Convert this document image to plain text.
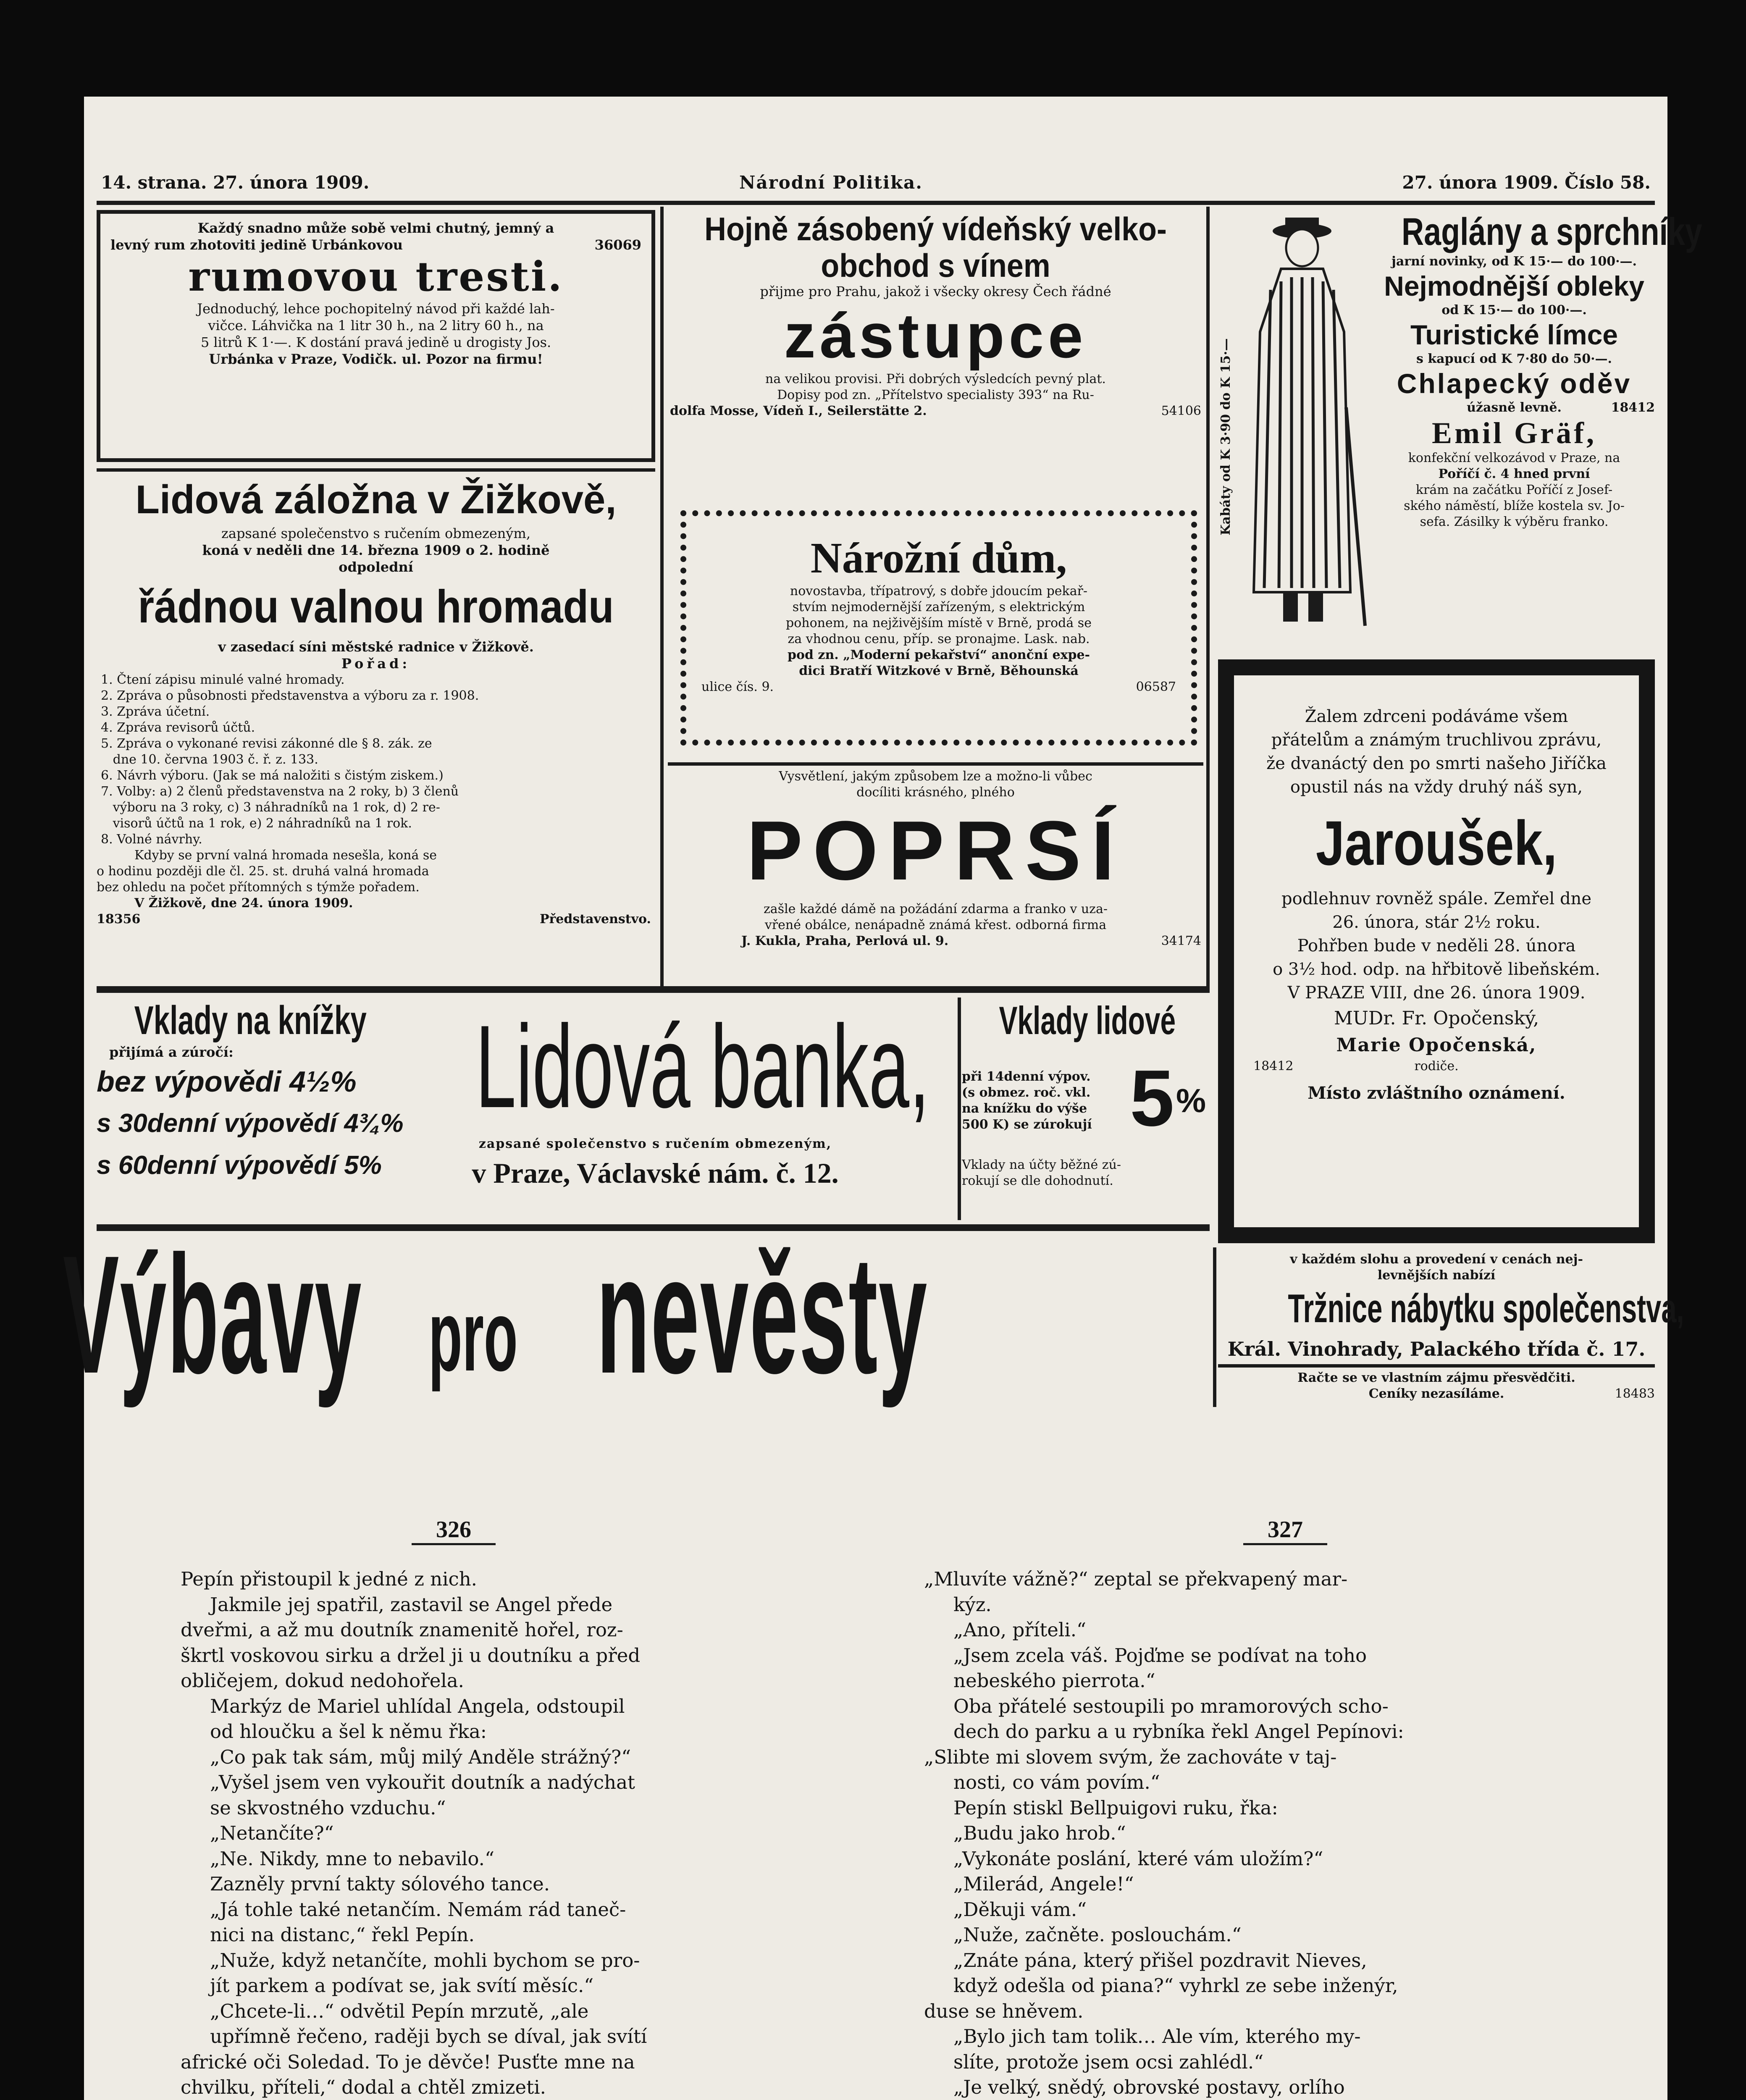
14. strana. 27. února 1909.	Národní Politika.	27. února 1909. Číslo 58.
Každý snadno může sobě velmi chutný, jemný a
levný rum zhotoviti jedině Urbánkovou	36069
rumovou tresti.
Jednoduchý, lehce pochopitelný návod při každé lah-
vičce. Láhvička na 1 litr 30 h., na 2 litry 60 h., na
5 litrů K 1·—. K dostání pravá jedině u drogisty Jos.
Urbánka v Praze, Vodičk. ul. Pozor na firmu!
Lidová záložna v Žižkově,
zapsané společenstvo s ručením obmezeným,
koná v neděli dne 14. března 1909 o 2. hodině
odpolední
řádnou valnou hromadu
v zasedací síni městské radnice v Žižkově.
Pořad:
1. Čtení zápisu minulé valné hromady.
2. Zpráva o působnosti představenstva a výboru za r. 1908.
3. Zpráva účetní.
4. Zpráva revisorů účtů.
5. Zpráva o vykonané revisi zákonné dle § 8. zák. ze
dne 10. června 1903 č. ř. z. 133.
6. Návrh výboru. (Jak se má naložiti s čistým ziskem.)
7. Volby: a) 2 členů představenstva na 2 roky, b) 3 členů
výboru na 3 roky, c) 3 náhradníků na 1 rok, d) 2 re-
visorů účtů na 1 rok, e) 2 náhradníků na 1 rok.
8. Volné návrhy.
Kdyby se první valná hromada nesešla, koná se
o hodinu později dle čl. 25. st. druhá valná hromada
bez ohledu na počet přítomných s týmže pořadem.
V Žižkově, dne 24. února 1909.
18356	Představenstvo.
Hojně zásobený vídeňský velko-
obchod s vínem
přijme pro Prahu, jakož i všecky okresy Čech řádné
zástupce
na velikou provisi. Při dobrých výsledcích pevný plat.
Dopisy pod zn. „Přítelstvo specialisty 393“ na Ru-
dolfa Mosse, Vídeň I., Seilerstätte 2.	54106
Nárožní dům,
novostavba, třípatrový, s dobře jdoucím pekař-
stvím nejmodernější zařízeným, s elektrickým
pohonem, na nejživějším místě v Brně, prodá se
za vhodnou cenu, příp. se pronajme. Lask. nab.
pod zn. „Moderní pekařství“ anonční expe-
dici Bratří Witzkové v Brně, Běhounská
ulice čís. 9.	06587
Vysvětlení, jakým způsobem lze a možno-li vůbec
docíliti krásného, plného
POPRSÍ
zašle každé dámě na požádání zdarma a franko v uza-
vřené obálce, nenápadně známá křest. odborná firma
J. Kukla, Praha, Perlová ul. 9.	34174
Kabáty od K 3·90 do K 15·—
Raglány a sprchníky
jarní novinky, od K 15·— do 100·—.
Nejmodnější obleky
od K 15·— do 100·—.
Turistické límce
s kapucí od K 7·80 do 50·—.
Chlapecký oděv
úžasně levně.	18412
Emil Gräf,
konfekční velkozávod v Praze, na
Poříčí č. 4 hned první
krám na začátku Poříčí z Josef-
ského náměstí, blíže kostela sv. Jo-
sefa. Zásilky k výběru franko.
Žalem zdrceni podáváme všem
přátelům a známým truchlivou zprávu,
že dvanáctý den po smrti našeho Jiříčka
opustil nás na vždy druhý náš syn,
Jaroušek,
podlehnuv rovněž spále. Zemřel dne
26. února, stár 2½ roku.
Pohřben bude v neděli 28. února
o 3½ hod. odp. na hřbitově libeňském.
V PRAZE VIII, dne 26. února 1909.
MUDr. Fr. Opočenský,
Marie Opočenská,
18412	rodiče.
Místo zvláštního oznámení.
Vklady na knížky
přijímá a zúročí:
bez výpovědi 4½%
s 30denní výpovědí 4¾%
s 60denní výpovědí 5%
Lidová banka,
zapsané společenstvo s ručením obmezeným,
v Praze, Václavské nám. č. 12.
Vklady lidové
při 14denní výpov.
(s obmez. roč. vkl.
na knížku do výše
500 K) se zúrokují 5 %
Vklady na účty běžné zú-
rokují se dle dohodnutí.
Výbavy pro nevěsty	v každém slohu a provedení v cenách nej-
levnějších nabízí
Tržnice nábytku společenstva,
Král. Vinohrady, Palackého třída č. 17.
Račte se ve vlastním zájmu přesvědčiti.
Ceníky nezasíláme.	18483
326	327
Pepín přistoupil k jedné z nich.
Jakmile jej spatřil, zastavil se Angel přede
dveřmi, a až mu doutník znamenitě hořel, roz-
škrtl voskovou sirku a držel ji u doutníku a před
obličejem, dokud nedohořela.
Markýz de Mariel uhlídal Angela, odstoupil
od hloučku a šel k němu řka:
„Co pak tak sám, můj milý Anděle strážný?“
„Vyšel jsem ven vykouřit doutník a nadýchat
se skvostného vzduchu.“
„Netančíte?“
„Ne. Nikdy, mne to nebavilo.“
Zazněly první takty sólového tance.
„Já tohle také netančím. Nemám rád taneč-
nici na distanc,“ řekl Pepín.
„Nuže, když netančíte, mohli bychom se pro-
jít parkem a podívat se, jak svítí měsíc.“
„Chcete-li…“ odvětil Pepín mrzutě, „ale
upřímně řečeno, raději bych se díval, jak svítí
africké oči Soledad. To je děvče! Pusťte mne na
chvilku, příteli,“ dodal a chtěl zmizeti.
„Mluvíte vážně?“ zeptal se překvapený mar-
kýz.
„Ano, příteli.“
„Jsem zcela váš. Pojďme se podívat na toho
nebeského pierrota.“
Oba přátelé sestoupili po mramorových scho-
dech do parku a u rybníka řekl Angel Pepínovi:
„Slibte mi slovem svým, že zachováte v taj-
nosti, co vám povím.“
Pepín stiskl Bellpuigovi ruku, řka:
„Budu jako hrob.“
„Vykonáte poslání, které vám uložím?“
„Milerád, Angele!“
„Děkuji vám.“
„Nuže, začněte. poslouchám.“
„Znáte pána, který přišel pozdravit Nieves,
když odešla od piana?“ vyhrkl ze sebe inženýr,
duse se hněvem.
„Bylo jich tam tolik… Ale vím, kterého my-
slíte, protože jsem ocsi zahlédl.“
„Je velký, snědý, obrovské postavy, orlího
